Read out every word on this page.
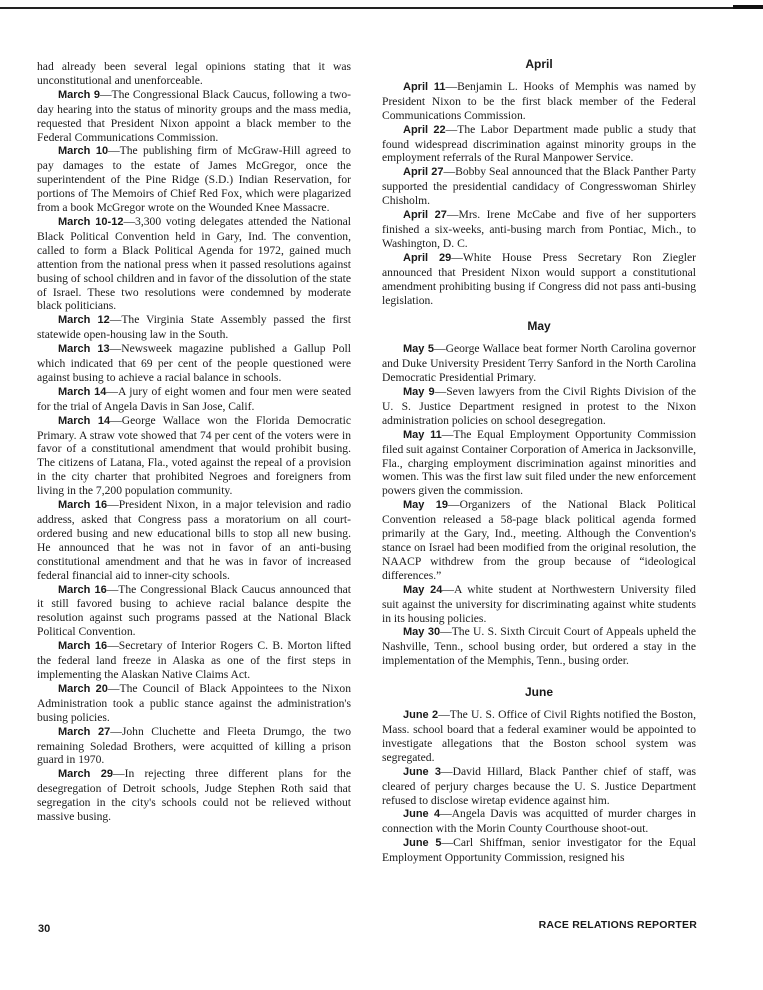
had already been several legal opinions stating that it was unconstitutional and unenforceable.

March 9—The Congressional Black Caucus, following a two-day hearing into the status of minority groups and the mass media, requested that President Nixon appoint a black member to the Federal Communications Commission.

March 10—The publishing firm of McGraw-Hill agreed to pay damages to the estate of James McGregor, once the superintendent of the Pine Ridge (S.D.) Indian Reservation, for portions of The Memoirs of Chief Red Fox, which were plagarized from a book McGregor wrote on the Wounded Knee Massacre.

March 10-12—3,300 voting delegates attended the National Black Political Convention held in Gary, Ind. The convention, called to form a Black Political Agenda for 1972, gained much attention from the national press when it passed resolutions against busing of school children and in favor of the dissolution of the state of Israel. These two resolutions were condemned by moderate black politicians.

March 12—The Virginia State Assembly passed the first statewide open-housing law in the South.

March 13—Newsweek magazine published a Gallup Poll which indicated that 69 per cent of the people questioned were against busing to achieve a racial balance in schools.

March 14—A jury of eight women and four men were seated for the trial of Angela Davis in San Jose, Calif.

March 14—George Wallace won the Florida Democratic Primary. A straw vote showed that 74 per cent of the voters were in favor of a constitutional amendment that would prohibit busing. The citizens of Latana, Fla., voted against the repeal of a provision in the city charter that prohibited Negroes and foreigners from living in the 7,200 population community.

March 16—President Nixon, in a major television and radio address, asked that Congress pass a moratorium on all court-ordered busing and new educational bills to stop all new busing. He announced that he was not in favor of an anti-busing constitutional amendment and that he was in favor of increased federal financial aid to inner-city schools.

March 16—The Congressional Black Caucus announced that it still favored busing to achieve racial balance despite the resolution against such programs passed at the National Black Political Convention.

March 16—Secretary of Interior Rogers C. B. Morton lifted the federal land freeze in Alaska as one of the first steps in implementing the Alaskan Native Claims Act.

March 20—The Council of Black Appointees to the Nixon Administration took a public stance against the administration's busing policies.

March 27—John Cluchette and Fleeta Drumgo, the two remaining Soledad Brothers, were acquitted of killing a prison guard in 1970.

March 29—In rejecting three different plans for the desegregation of Detroit schools, Judge Stephen Roth said that segregation in the city's schools could not be relieved without massive busing.

April

April 11—Benjamin L. Hooks of Memphis was named by President Nixon to be the first black member of the Federal Communications Commission.

April 22—The Labor Department made public a study that found widespread discrimination against minority groups in the employment referrals of the Rural Manpower Service.

April 27—Bobby Seal announced that the Black Panther Party supported the presidential candidacy of Congresswoman Shirley Chisholm.

April 27—Mrs. Irene McCabe and five of her supporters finished a six-weeks, anti-busing march from Pontiac, Mich., to Washington, D. C.

April 29—White House Press Secretary Ron Ziegler announced that President Nixon would support a constitutional amendment prohibiting busing if Congress did not pass anti-busing legislation.

May

May 5—George Wallace beat former North Carolina governor and Duke University President Terry Sanford in the North Carolina Democratic Presidential Primary.

May 9—Seven lawyers from the Civil Rights Division of the U. S. Justice Department resigned in protest to the Nixon administration policies on school desegregation.

May 11—The Equal Employment Opportunity Commission filed suit against Container Corporation of America in Jacksonville, Fla., charging employment discrimination against minorities and women. This was the first law suit filed under the new enforcement powers given the commission.

May 19—Organizers of the National Black Political Convention released a 58-page black political agenda formed primarily at the Gary, Ind., meeting. Although the Convention's stance on Israel had been modified from the original resolution, the NAACP withdrew from the group because of “ideological differences.”

May 24—A white student at Northwestern University filed suit against the university for discriminating against white students in its housing policies.

May 30—The U. S. Sixth Circuit Court of Appeals upheld the Nashville, Tenn., school busing order, but ordered a stay in the implementation of the Memphis, Tenn., busing order.

June

June 2—The U. S. Office of Civil Rights notified the Boston, Mass. school board that a federal examiner would be appointed to investigate allegations that the Boston school system was segregated.

June 3—David Hillard, Black Panther chief of staff, was cleared of perjury charges because the U. S. Justice Department refused to disclose wiretap evidence against him.

June 4—Angela Davis was acquitted of murder charges in connection with the Morin County Courthouse shoot-out.

June 5—Carl Shiffman, senior investigator for the Equal Employment Opportunity Commission, resigned his

30	RACE RELATIONS REPORTER
